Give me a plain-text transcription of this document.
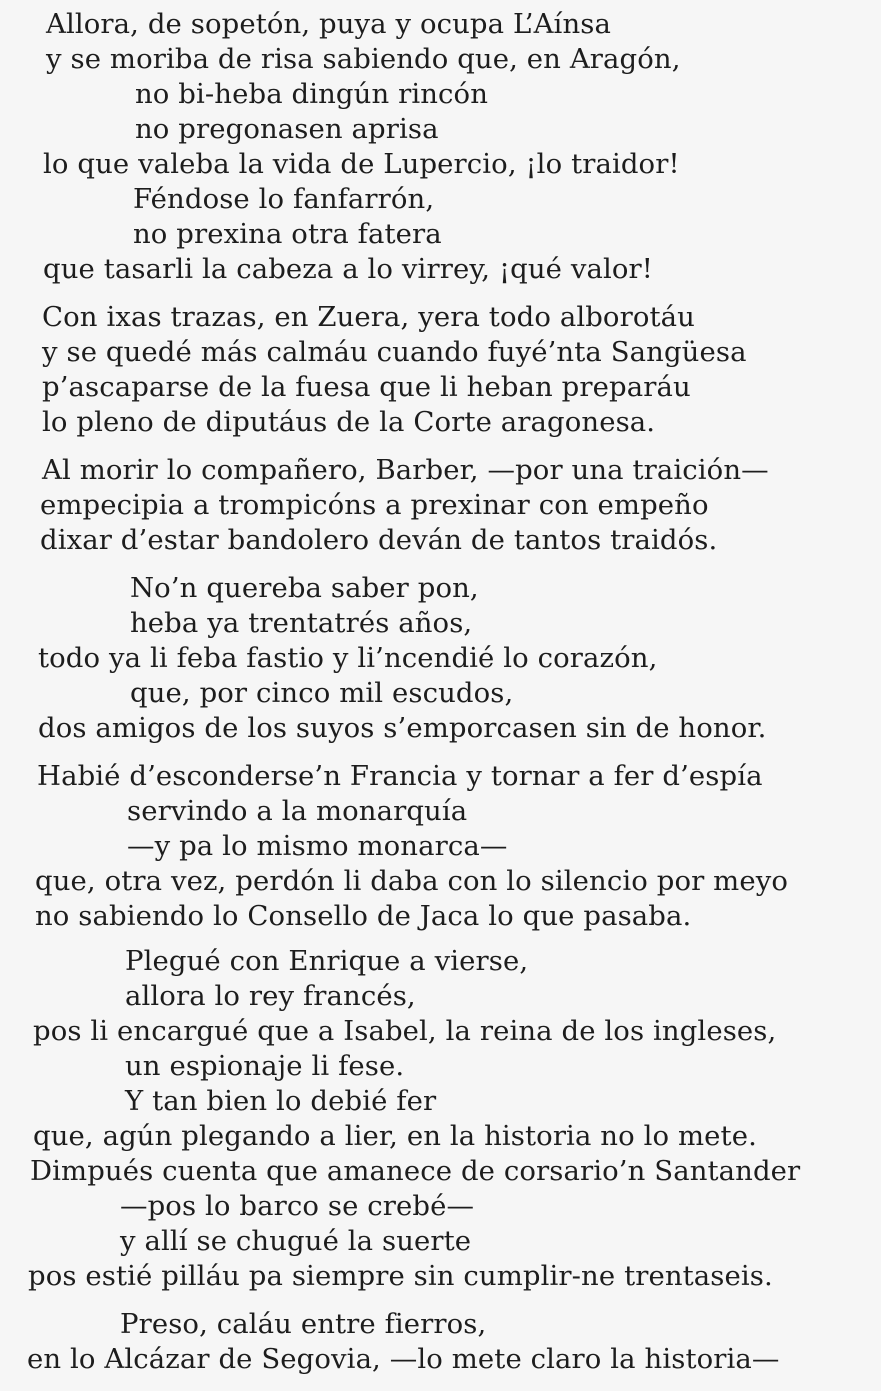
Allora, de sopetón, puya y ocupa L’Aínsa
y se moriba de risa sabiendo que, en Aragón,
no bi-heba dingún rincón
no pregonasen aprisa
lo que valeba la vida de Lupercio, ¡lo traidor!
Féndose lo fanfarrón,
no prexina otra fatera
que tasarli la cabeza a lo virrey, ¡qué valor!
Con ixas trazas, en Zuera, yera todo alborotáu
y se quedé más calmáu cuando fuyé’nta Sangüesa
p’ascaparse de la fuesa que li heban preparáu
lo pleno de diputáus de la Corte aragonesa.
Al morir lo compañero, Barber, —por una traición—
empecipia a trompicóns a prexinar con empeño
dixar d’estar bandolero deván de tantos traidós.
No’n quereba saber pon,
heba ya trentatrés años,
todo ya li feba fastio y li’ncendié lo corazón,
que, por cinco mil escudos,
dos amigos de los suyos s’emporcasen sin de honor.
Habié d’esconderse’n Francia y tornar a fer d’espía
servindo a la monarquía
—y pa lo mismo monarca—
que, otra vez, perdón li daba con lo silencio por meyo
no sabiendo lo Consello de Jaca lo que pasaba.
Plegué con Enrique a vierse,
allora lo rey francés,
pos li encargué que a Isabel, la reina de los ingleses,
un espionaje li fese.
Y tan bien lo debié fer
que, agún plegando a lier, en la historia no lo mete.
Dimpués cuenta que amanece de corsario’n Santander
—pos lo barco se crebé—
y allí se chugué la suerte
pos estié pilláu pa siempre sin cumplir-ne trentaseis.
Preso, caláu entre fierros,
en lo Alcázar de Segovia, —lo mete claro la historia—
